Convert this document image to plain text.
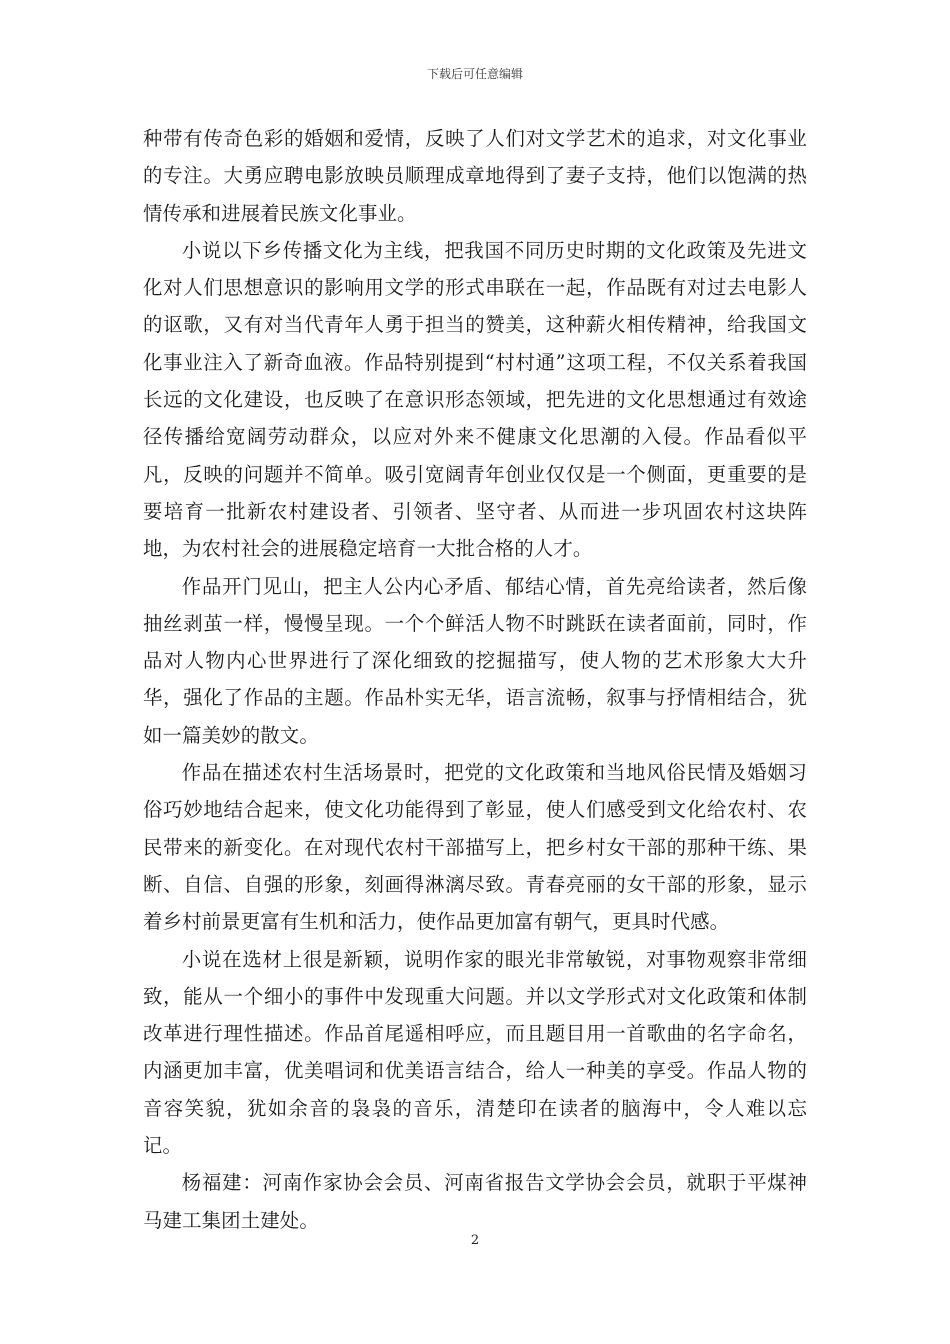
下载后可任意编辑

种带有传奇色彩的婚姻和爱情，反映了人们对文学艺术的追求，对文化事业的专注。大勇应聘电影放映员顺理成章地得到了妻子支持，他们以饱满的热情传承和进展着民族文化事业。

小说以下乡传播文化为主线，把我国不同历史时期的文化政策及先进文化对人们思想意识的影响用文学的形式串联在一起，作品既有对过去电影人的讴歌，又有对当代青年人勇于担当的赞美，这种薪火相传精神，给我国文化事业注入了新奇血液。作品特别提到“村村通”这项工程，不仅关系着我国长远的文化建设，也反映了在意识形态领域，把先进的文化思想通过有效途径传播给宽阔劳动群众，以应对外来不健康文化思潮的入侵。作品看似平凡，反映的问题并不简单。吸引宽阔青年创业仅仅是一个侧面，更重要的是要培育一批新农村建设者、引领者、坚守者、从而进一步巩固农村这块阵地，为农村社会的进展稳定培育一大批合格的人才。

作品开门见山，把主人公内心矛盾、郁结心情，首先亮给读者，然后像抽丝剥茧一样，慢慢呈现。一个个鲜活人物不时跳跃在读者面前，同时，作品对人物内心世界进行了深化细致的挖掘描写，使人物的艺术形象大大升华，强化了作品的主题。作品朴实无华，语言流畅，叙事与抒情相结合，犹如一篇美妙的散文。

作品在描述农村生活场景时，把党的文化政策和当地风俗民情及婚姻习俗巧妙地结合起来，使文化功能得到了彰显，使人们感受到文化给农村、农民带来的新变化。在对现代农村干部描写上，把乡村女干部的那种干练、果断、自信、自强的形象，刻画得淋漓尽致。青春亮丽的女干部的形象，显示着乡村前景更富有生机和活力，使作品更加富有朝气，更具时代感。

小说在选材上很是新颖，说明作家的眼光非常敏锐，对事物观察非常细致，能从一个细小的事件中发现重大问题。并以文学形式对文化政策和体制改革进行理性描述。作品首尾遥相呼应，而且题目用一首歌曲的名字命名，内涵更加丰富，优美唱词和优美语言结合，给人一种美的享受。作品人物的音容笑貌，犹如余音的袅袅的音乐，清楚印在读者的脑海中，令人难以忘记。

杨福建：河南作家协会会员、河南省报告文学协会会员，就职于平煤神马建工集团土建处。

2
